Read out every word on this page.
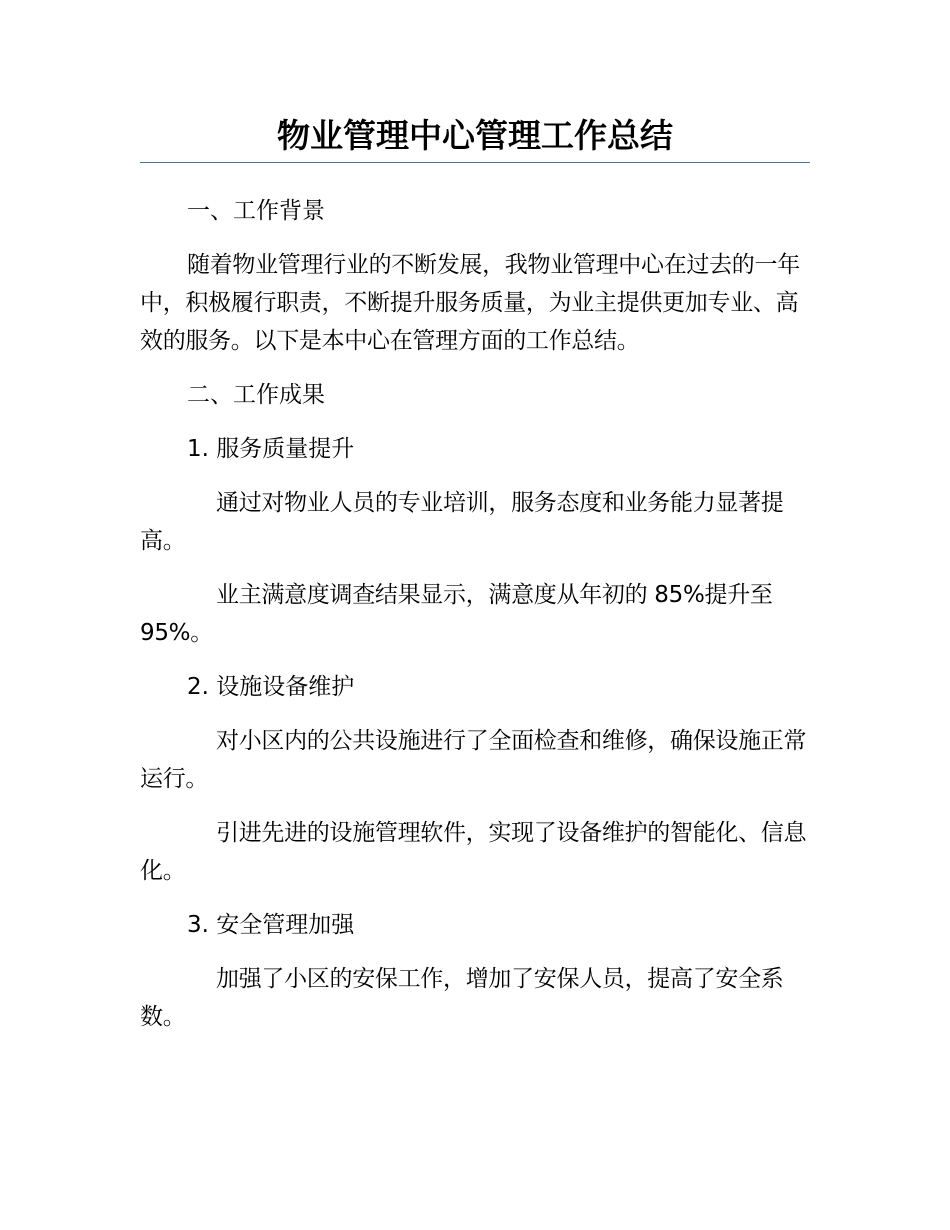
物业管理中心管理工作总结

一、工作背景

随着物业管理行业的不断发展，我物业管理中心在过去的一年中，积极履行职责，不断提升服务质量，为业主提供更加专业、高效的服务。以下是本中心在管理方面的工作总结。

二、工作成果

1. 服务质量提升

通过对物业人员的专业培训，服务态度和业务能力显著提高。

业主满意度调查结果显示，满意度从年初的 85%提升至 95%。

2. 设施设备维护

对小区内的公共设施进行了全面检查和维修，确保设施正常运行。

引进先进的设施管理软件，实现了设备维护的智能化、信息化。

3. 安全管理加强

加强了小区的安保工作，增加了安保人员，提高了安全系数。
